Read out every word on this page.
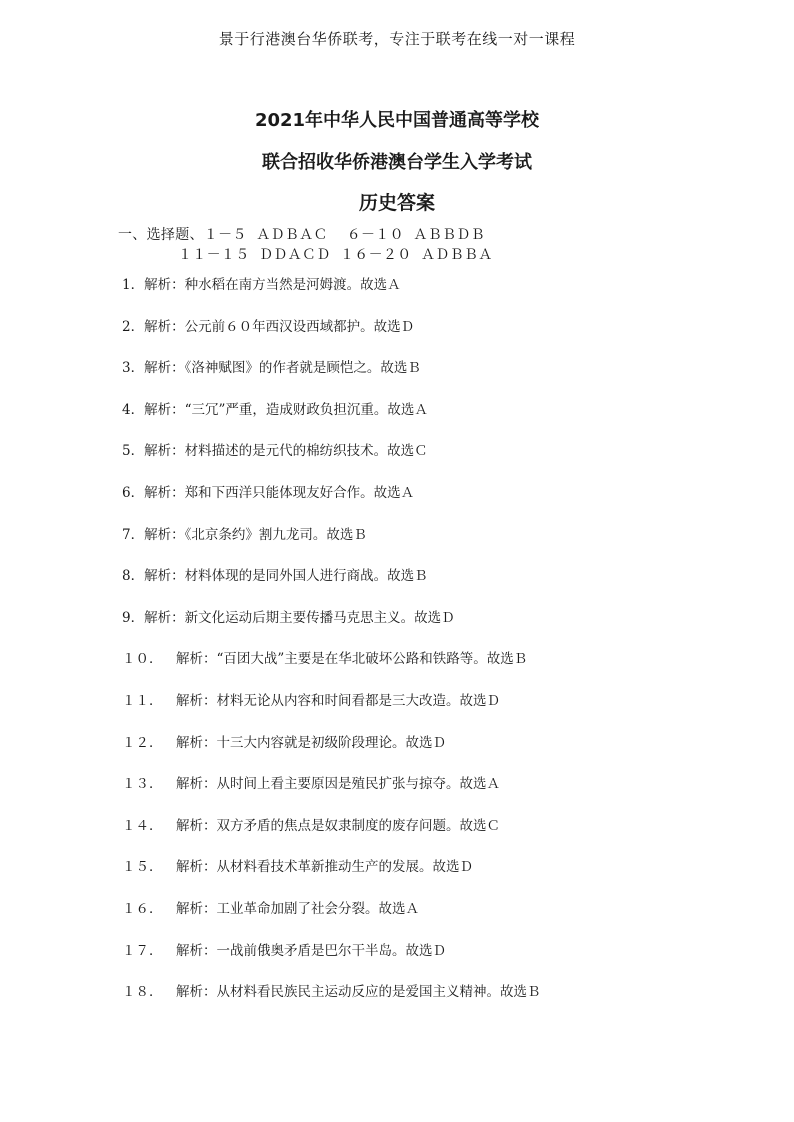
景于行港澳台华侨联考，专注于联考在线一对一课程
2021年中华人民中国普通高等学校
联合招收华侨港澳台学生入学考试
历史答案
一、选择题、１－５  ＡＤＢＡＣ    ６－１０  ＡＢＢＤＢ
１１－１５  ＤＤＡＣＤ  １６－２０  ＡＤＢＢＡ
1．解析：种水稻在南方当然是河姆渡。故选Ａ
2．解析：公元前６０年西汉设西域都护。故选Ｄ
3．解析：《洛神赋图》的作者就是顾恺之。故选Ｂ
4．解析：“三冗”严重，造成财政负担沉重。故选Ａ
5．解析：材料描述的是元代的棉纺织技术。故选Ｃ
6．解析：郑和下西洋只能体现友好合作。故选Ａ
7．解析：《北京条约》割九龙司。故选Ｂ
8．解析：材料体现的是同外国人进行商战。故选Ｂ
9．解析：新文化运动后期主要传播马克思主义。故选Ｄ
１０． 解析：“百团大战”主要是在华北破坏公路和铁路等。故选Ｂ
１１． 解析：材料无论从内容和时间看都是三大改造。故选Ｄ
１２． 解析：十三大内容就是初级阶段理论。故选Ｄ
１３． 解析：从时间上看主要原因是殖民扩张与掠夺。故选Ａ
１４． 解析：双方矛盾的焦点是奴隶制度的废存问题。故选Ｃ
１５． 解析：从材料看技术革新推动生产的发展。故选Ｄ
１６． 解析：工业革命加剧了社会分裂。故选Ａ
１７． 解析：一战前俄奥矛盾是巴尔干半岛。故选Ｄ
１８． 解析：从材料看民族民主运动反应的是爱国主义精神。故选Ｂ
